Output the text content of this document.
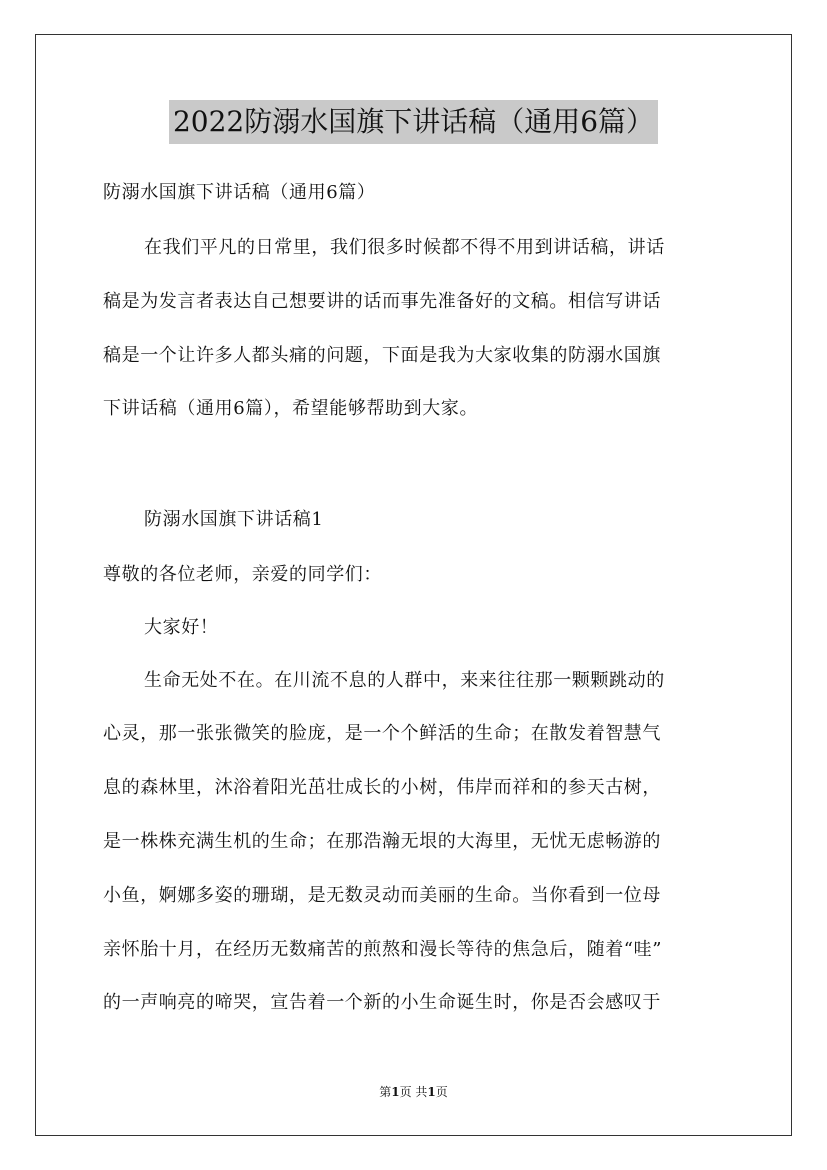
2022防溺水国旗下讲话稿（通用6篇）
防溺水国旗下讲话稿（通用6篇）
在我们平凡的日常里，我们很多时候都不得不用到讲话稿，讲话
稿是为发言者表达自己想要讲的话而事先准备好的文稿。相信写讲话
稿是一个让许多人都头痛的问题，下面是我为大家收集的防溺水国旗
下讲话稿（通用6篇），希望能够帮助到大家。
防溺水国旗下讲话稿1
尊敬的各位老师，亲爱的同学们：
大家好！
生命无处不在。在川流不息的人群中，来来往往那一颗颗跳动的
心灵，那一张张微笑的脸庞，是一个个鲜活的生命；在散发着智慧气
息的森林里，沐浴着阳光茁壮成长的小树，伟岸而祥和的参天古树，
是一株株充满生机的生命；在那浩瀚无垠的大海里，无忧无虑畅游的
小鱼，婀娜多姿的珊瑚，是无数灵动而美丽的生命。当你看到一位母
亲怀胎十月，在经历无数痛苦的煎熬和漫长等待的焦急后，随着“哇”
的一声响亮的啼哭，宣告着一个新的小生命诞生时，你是否会感叹于
第1页 共1页
